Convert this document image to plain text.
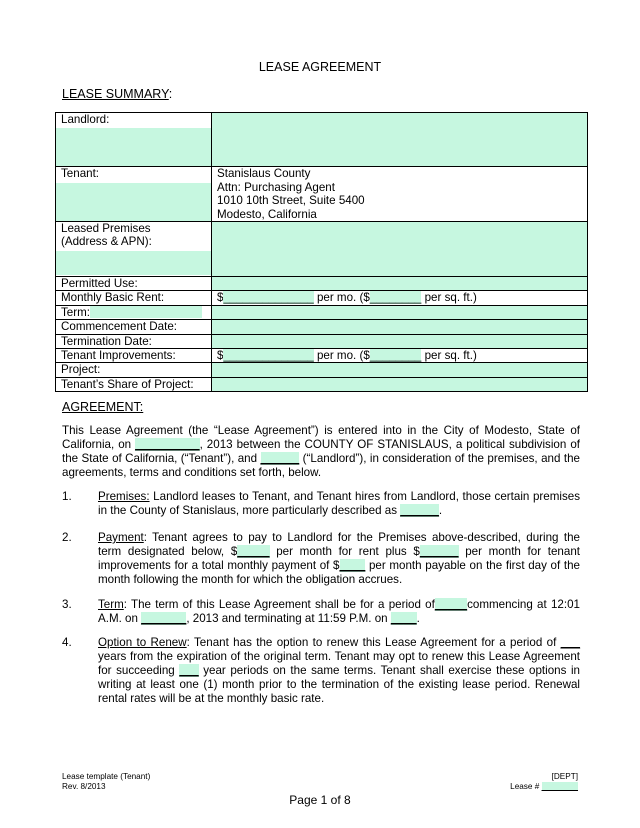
LEASE AGREEMENT
LEASE SUMMARY:
Landlord:	

Tenant:	Stanislaus County
Attn: Purchasing Agent
1010 10th Street, Suite 5400
Modesto, California

Leased Premises
(Address & APN):	

Permitted Use:	
Monthly Basic Rent:	$______________ per mo. ($________ per sq. ft.)
Term:	
Commencement Date:	
Termination Date:	
Tenant Improvements:	$______________ per mo. ($________ per sq. ft.)
Project:	
Tenant’s Share of Project:	
AGREEMENT:
This Lease Agreement (the “Lease Agreement”) is entered into in the City of Modesto, State of California, on __________, 2013 between the COUNTY OF STANISLAUS, a political subdivision of the State of California, (“Tenant”), and ______ (“Landlord”), in consideration of the premises, and the agreements, terms and conditions set forth, below.
1. Premises: Landlord leases to Tenant, and Tenant hires from Landlord, those certain premises in the County of Stanislaus, more particularly described as ______.
2. Payment: Tenant agrees to pay to Landlord for the Premises above-described, during the term designated below, $_____ per month for rent plus $______ per month for tenant improvements for a total monthly payment of $____ per month payable on the first day of the month following the month for which the obligation accrues.
3. Term: The term of this Lease Agreement shall be for a period of_____commencing at 12:01 A.M. on _______, 2013 and terminating at 11:59 P.M. on ____.
4. Option to Renew: Tenant has the option to renew this Lease Agreement for a period of ___ years from the expiration of the original term. Tenant may opt to renew this Lease Agreement for succeeding ___ year periods on the same terms. Tenant shall exercise these options in writing at least one (1) month prior to the termination of the existing lease period. Renewal rental rates will be at the monthly basic rate.
Lease template (Tenant)
Rev. 8/2013
[DEPT]
Lease # ________
Page 1 of 8
